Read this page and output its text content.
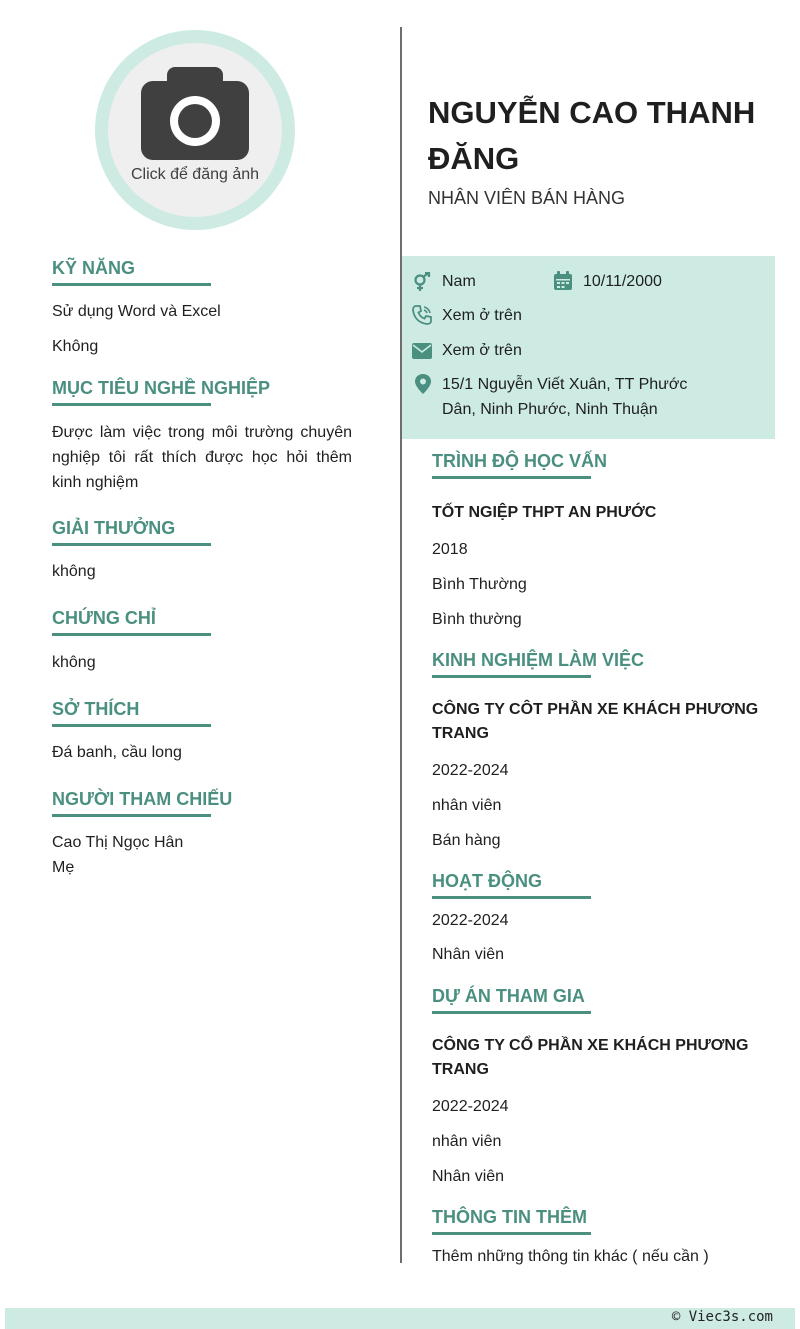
Click để đăng ảnh
KỸ NĂNG
Sử dụng Word và Excel
Không
MỤC TIÊU NGHỀ NGHIỆP
Được làm việc trong môi trường chuyên nghiệp tôi rất thích được học hỏi thêm kinh nghiệm
GIẢI THƯỞNG
không
CHỨNG CHỈ
không
SỞ THÍCH
Đá banh, cầu long
NGƯỜI THAM CHIẾU
Cao Thị Ngọc Hân
Mẹ
NGUYỄN CAO THANH ĐĂNG
NHÂN VIÊN BÁN HÀNG
Nam	10/11/2000
Xem ở trên
Xem ở trên
15/1 Nguyễn Viết Xuân, TT Phước
Dân, Ninh Phước, Ninh Thuận
TRÌNH ĐỘ HỌC VẤN
TỐT NGIỆP THPT AN PHƯỚC
2018
Bình Thường
Bình thường
KINH NGHIỆM LÀM VIỆC
CÔNG TY CÔT PHẦN XE KHÁCH PHƯƠNG
TRANG
2022-2024
nhân viên
Bán hàng
HOẠT ĐỘNG
2022-2024
Nhân viên
DỰ ÁN THAM GIA
CÔNG TY CỔ PHẦN XE KHÁCH PHƯƠNG
TRANG
2022-2024
nhân viên
Nhân viên
THÔNG TIN THÊM
Thêm những thông tin khác ( nếu cần )
© Viec3s.com
